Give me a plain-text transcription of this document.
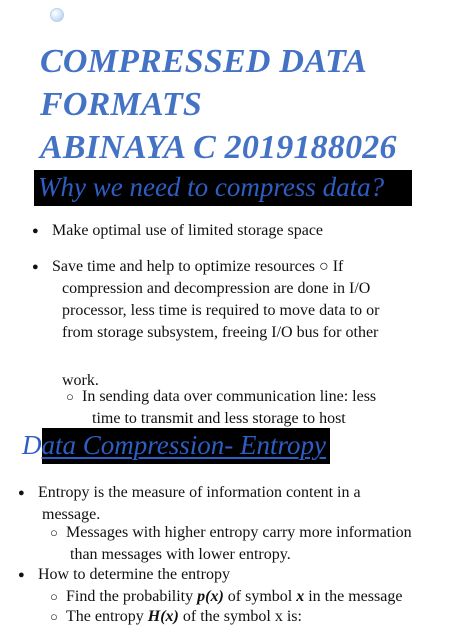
COMPRESSED DATA
FORMATS
ABINAYA C 2019188026
Why we need to compress data?
● Make optimal use of limited storage space
● Save time and help to optimize resources ○ If
compression and decompression are done in I/O
processor, less time is required to move data to or
from storage subsystem, freeing I/O bus for other
work.
○ In sending data over communication line: less
time to transmit and less storage to host
Data Compression- Entropy
● Entropy is the measure of information content in a
message.
○ Messages with higher entropy carry more information
than messages with lower entropy.
● How to determine the entropy
○ Find the probability p(x) of symbol x in the message
○ The entropy H(x) of the symbol x is:
